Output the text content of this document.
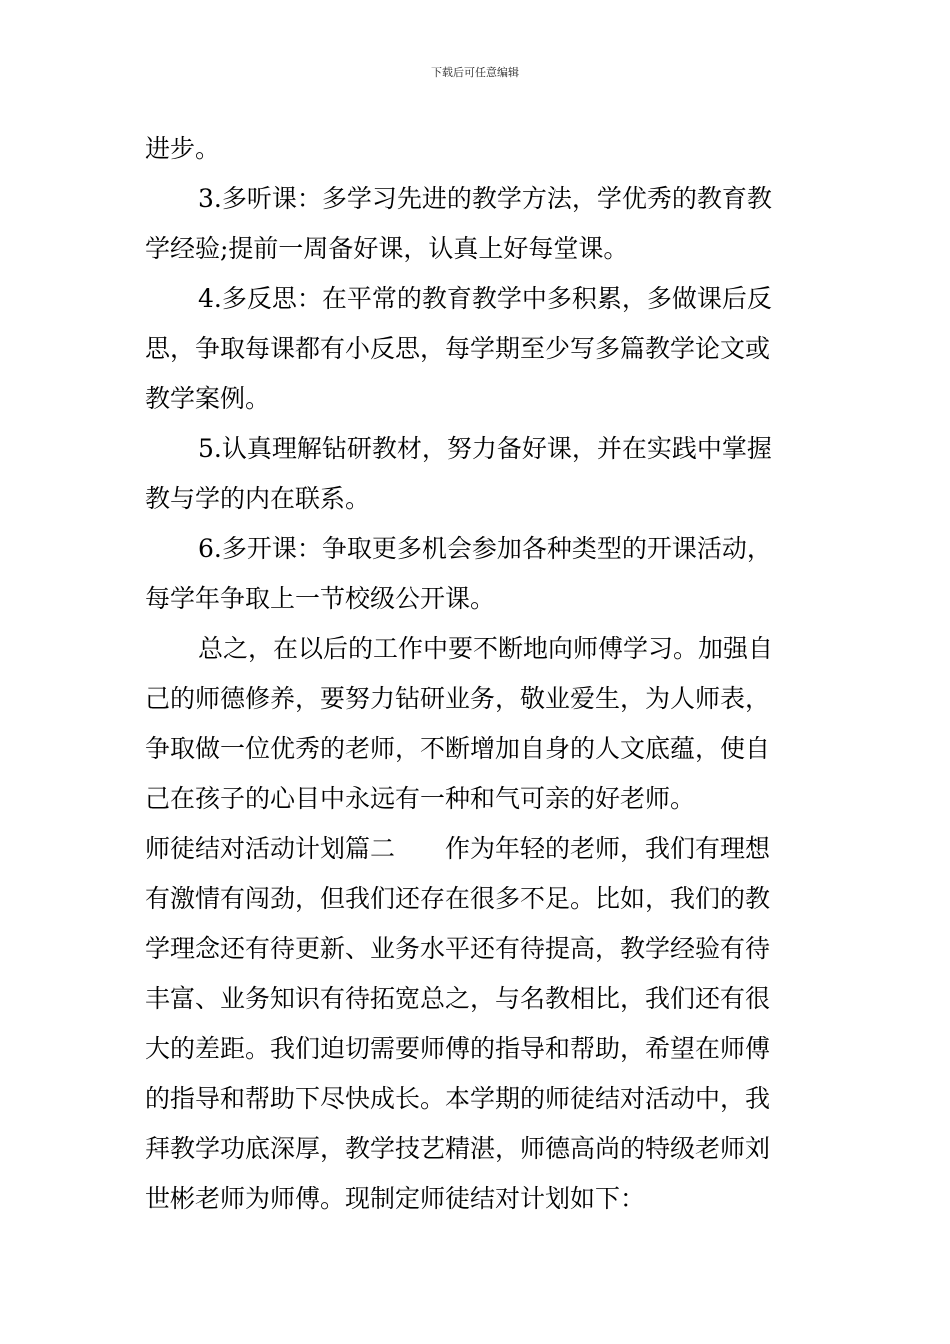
下载后可任意编辑
进步。
3.多听课：多学习先进的教学方法，学优秀的教育教
学经验;提前一周备好课，认真上好每堂课。
4.多反思：在平常的教育教学中多积累，多做课后反
思，争取每课都有小反思，每学期至少写多篇教学论文或
教学案例。
5.认真理解钻研教材，努力备好课，并在实践中掌握
教与学的内在联系。
6.多开课：争取更多机会参加各种类型的开课活动，
每学年争取上一节校级公开课。
总之，在以后的工作中要不断地向师傅学习。加强自
己的师德修养，要努力钻研业务，敬业爱生，为人师表，
争取做一位优秀的老师，不断增加自身的人文底蕴，使自
己在孩子的心目中永远有一种和气可亲的好老师。
师徒结对活动计划篇二　　作为年轻的老师，我们有理想
有激情有闯劲，但我们还存在很多不足。比如，我们的教
学理念还有待更新、业务水平还有待提高，教学经验有待
丰富、业务知识有待拓宽总之，与名教相比，我们还有很
大的差距。我们迫切需要师傅的指导和帮助，希望在师傅
的指导和帮助下尽快成长。本学期的师徒结对活动中，我
拜教学功底深厚，教学技艺精湛，师德高尚的特级老师刘
世彬老师为师傅。现制定师徒结对计划如下：
